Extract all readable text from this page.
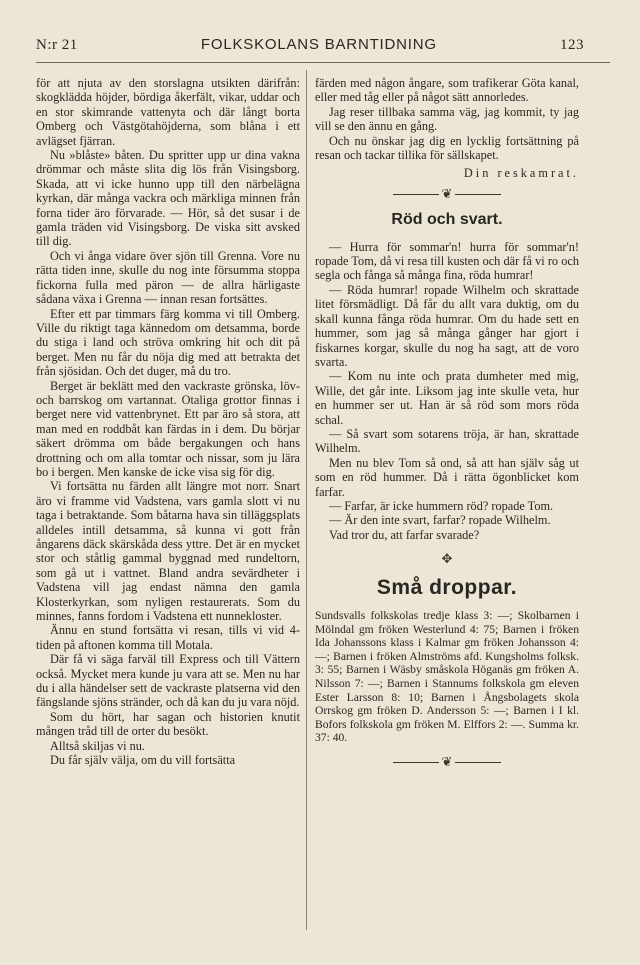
N:r 21	FOLKSKOLANS BARNTIDNING	123

för att njuta av den storslagna utsikten därifrån: skogklädda höjder, bördiga åkerfält, vikar, uddar och en stor skimrande vattenyta och där långt borta Omberg och Västgötahöjderna, som blåna i ett avlägset fjärran.

Nu »blåste» båten. Du spritter upp ur dina vakna drömmar och måste slita dig lös från Visingsborg. Skada, att vi icke hunno upp till den närbelägna kyrkan, där många vackra och märkliga minnen från forna tider äro förvarade. — Hör, så det susar i de gamla träden vid Visingsborg. De viska sitt avsked till dig.

Och vi ånga vidare över sjön till Grenna. Vore nu rätta tiden inne, skulle du nog inte försumma stoppa fickorna fulla med päron — de allra härligaste sådana växa i Grenna — innan resan fortsättes.

Efter ett par timmars färg komma vi till Omberg. Ville du riktigt taga kännedom om detsamma, borde du stiga i land och ströva omkring hit och dit på berget. Men nu får du nöja dig med att betrakta det från sjösidan. Och det duger, må du tro.

Berget är beklätt med den vackraste grönska, löv- och barrskog om vartannat. Otaliga grottor finnas i berget nere vid vattenbrynet. Ett par äro så stora, att man med en roddbåt kan färdas in i dem. Du börjar säkert drömma om både bergakungen och hans drottning och om alla tomtar och nissar, som ju lära bo i bergen. Men kanske de icke visa sig för dig.

Vi fortsätta nu färden allt längre mot norr. Snart äro vi framme vid Vadstena, vars gamla slott vi nu taga i betraktande. Som båtarna hava sin tilläggsplats alldeles intill detsamma, så kunna vi gott från ångarens däck skärskåda dess yttre. Det är en mycket stor och ståtlig gammal byggnad med rundeltorn, som gå ut i vattnet. Bland andra sevärdheter i Vadstena vill jag endast nämna den gamla Klosterkyrkan, som nyligen restaurerats. Som du minnes, fanns fordom i Vadstena ett nunnekloster.

Ännu en stund fortsätta vi resan, tills vi vid 4-tiden på aftonen komma till Motala.

Där få vi säga farväl till Express och till Vättern också. Mycket mera kunde ju vara att se. Men nu har du i alla händelser sett de vackraste platserna vid den fängslande sjöns stränder, och då kan du ju vara nöjd.

Som du hört, har sagan och historien knutit mången tråd till de orter du besökt.

Alltså skiljas vi nu.

Du får själv välja, om du vill fortsätta

färden med någon ångare, som trafikerar Göta kanal, eller med tåg eller på något sätt annorledes.

Jag reser tillbaka samma väg, jag kommit, ty jag vill se den ännu en gång.

Och nu önskar jag dig en lycklig fortsättning på resan och tackar tillika för sällskapet.

Din reskamrat.

❦
Röd och svart.

— Hurra för sommar'n! hurra för sommar'n! ropade Tom, då vi resa till kusten och där få vi ro och segla och fånga så många fina, röda humrar!

— Röda humrar! ropade Wilhelm och skrattade litet försmädligt. Då får du allt vara duktig, om du skall kunna fånga röda humrar. Om du hade sett en hummer, som jag så många gånger har gjort i fiskarnes korgar, skulle du nog ha sagt, att de voro svarta.

— Kom nu inte och prata dumheter med mig, Wille, det går inte. Liksom jag inte skulle veta, hur en hummer ser ut. Han är så röd som mors röda schal.

— Så svart som sotarens tröja, är han, skrattade Wilhelm.

Men nu blev Tom så ond, så att han själv såg ut som en röd hummer. Då i rätta ögonblicket kom farfar.

— Farfar, är icke hummern röd? ropade Tom.

— Är den inte svart, farfar? ropade Wilhelm.

Vad tror du, att farfar svarade?

✥
Små droppar.

Sundsvalls folkskolas tredje klass 3: —; Skolbarnen i Mölndal gm fröken Westerlund 4: 75; Barnen i fröken Ida Johanssons klass i Kalmar gm fröken Johansson 4: —; Barnen i fröken Almströms afd. Kungsholms folksk. 3: 55; Barnen i Wäsby småskola Höganäs gm fröken A. Nilsson 7: —; Barnen i Stannums folkskola gm eleven Ester Larsson 8: 10; Barnen i Ångsbolagets skola Orrskog gm fröken D. Andersson 5: —; Barnen i I kl. Bofors folkskola gm fröken M. Elffors 2: —. Summa kr. 37: 40.

❦
